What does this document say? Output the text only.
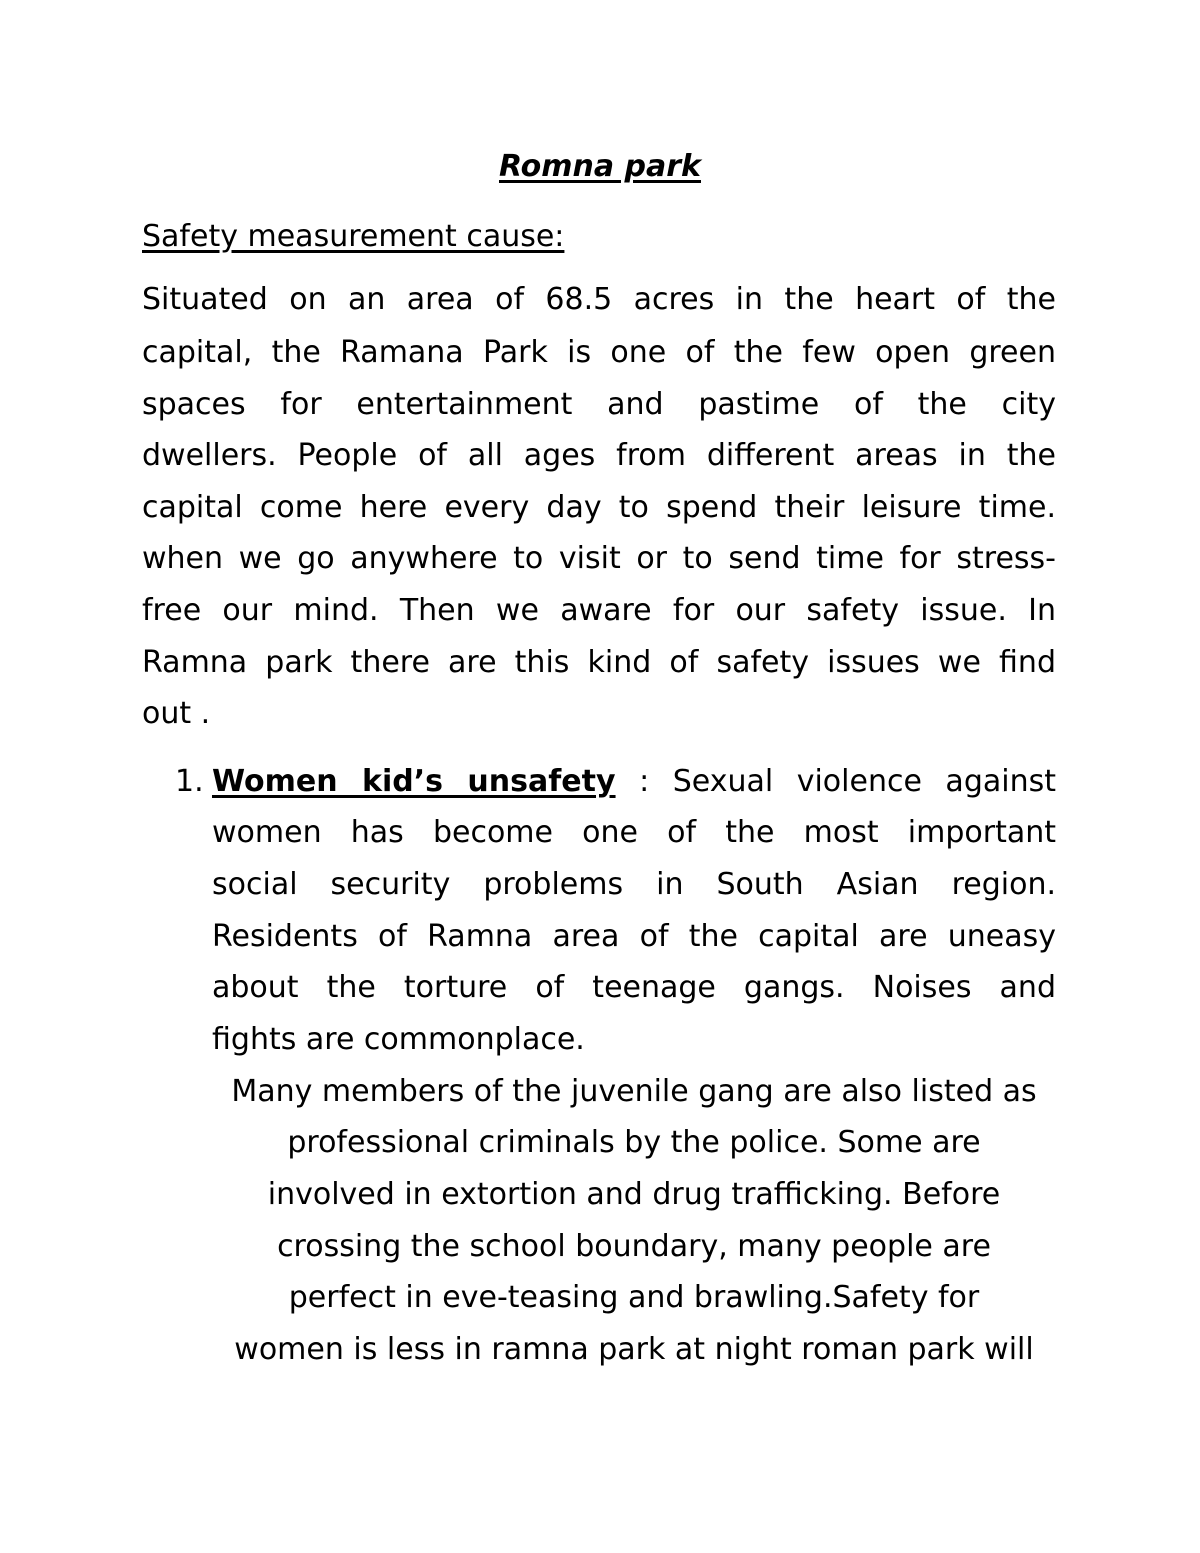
Romna park

Safety measurement cause:

Situated on an area of 68.5 acres in the heart of the

capital, the Ramana Park is one of the few open green

spaces for entertainment and pastime of the city

dwellers. People of all ages from different areas in the

capital come here every day to spend their leisure time.

when we go anywhere to visit or to send time for stress-

free our mind. Then we aware for our safety issue. In

Ramna park there are this kind of safety issues we find

out .

1. Women kid’s unsafety : Sexual violence against

women has become one of the most important

social security problems in South Asian region.

Residents of Ramna area of the capital are uneasy

about the torture of teenage gangs. Noises and

fights are commonplace.

Many members of the juvenile gang are also listed as

professional criminals by the police. Some are

involved in extortion and drug trafficking. Before

crossing the school boundary, many people are

perfect in eve-teasing and brawling.Safety for

women is less in ramna park at night roman park will
